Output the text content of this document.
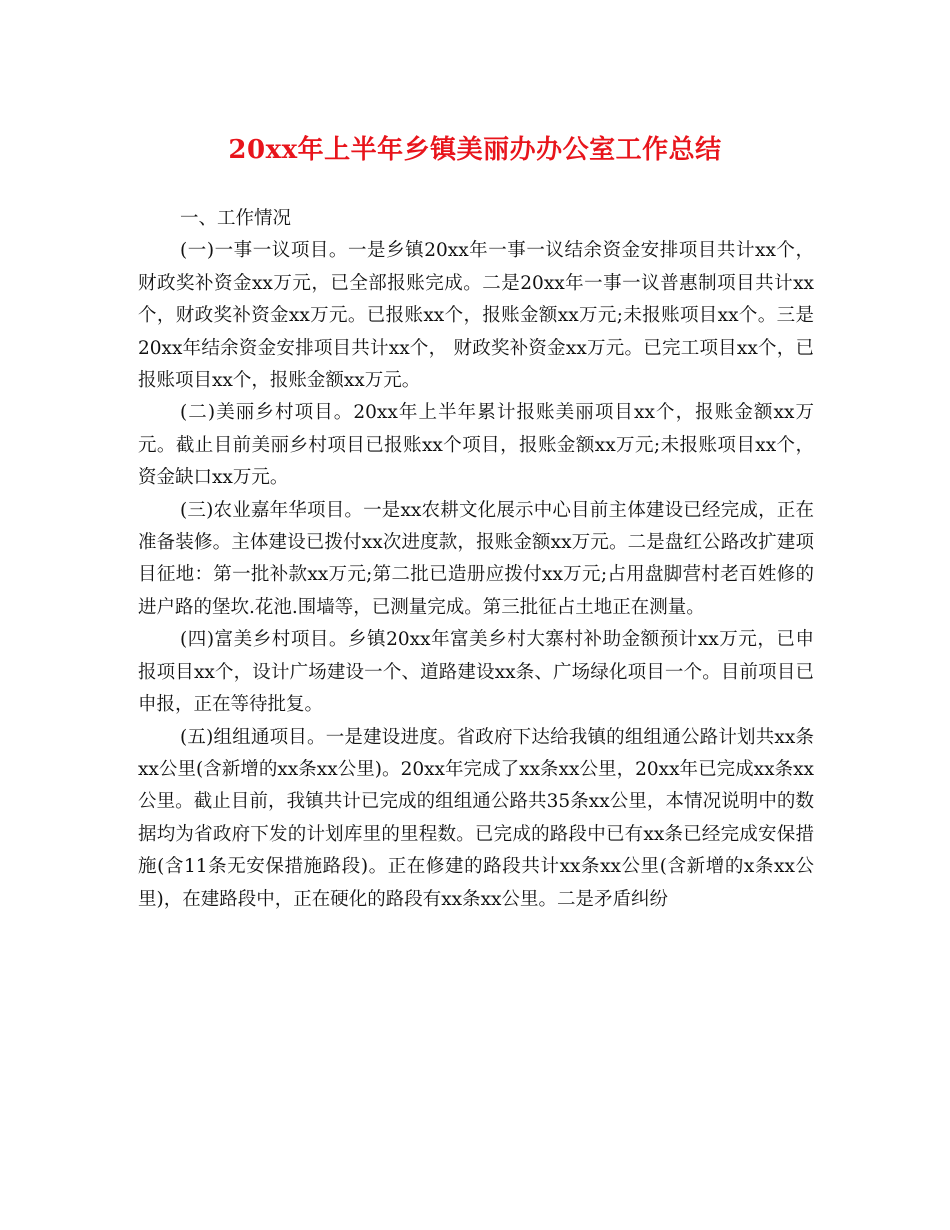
20xx年上半年乡镇美丽办办公室工作总结

一、工作情况

(一)一事一议项目。一是乡镇20xx年一事一议结余资金安排项目共计xx个，财政奖补资金xx万元，已全部报账完成。二是20xx年一事一议普惠制项目共计xx个，财政奖补资金xx万元。已报账xx个，报账金额xx万元;未报账项目xx个。三是20xx年结余资金安排项目共计xx个， 财政奖补资金xx万元。已完工项目xx个，已报账项目xx个，报账金额xx万元。

(二)美丽乡村项目。20xx年上半年累计报账美丽项目xx个，报账金额xx万元。截止目前美丽乡村项目已报账xx个项目，报账金额xx万元;未报账项目xx个，资金缺口xx万元。

(三)农业嘉年华项目。一是xx农耕文化展示中心目前主体建设已经完成，正在准备装修。主体建设已拨付xx次进度款，报账金额xx万元。二是盘红公路改扩建项目征地：第一批补款xx万元;第二批已造册应拨付xx万元;占用盘脚营村老百姓修的进户路的堡坎.花池.围墙等，已测量完成。第三批征占土地正在测量。

(四)富美乡村项目。乡镇20xx年富美乡村大寨村补助金额预计xx万元，已申报项目xx个，设计广场建设一个、道路建设xx条、广场绿化项目一个。目前项目已申报，正在等待批复。

(五)组组通项目。一是建设进度。省政府下达给我镇的组组通公路计划共xx条xx公里(含新增的xx条xx公里)。20xx年完成了xx条xx公里，20xx年已完成xx条xx公里。截止目前，我镇共计已完成的组组通公路共35条xx公里，本情况说明中的数据均为省政府下发的计划库里的里程数。已完成的路段中已有xx条已经完成安保措施(含11条无安保措施路段)。正在修建的路段共计xx条xx公里(含新增的x条xx公里)，在建路段中，正在硬化的路段有xx条xx公里。二是矛盾纠纷
